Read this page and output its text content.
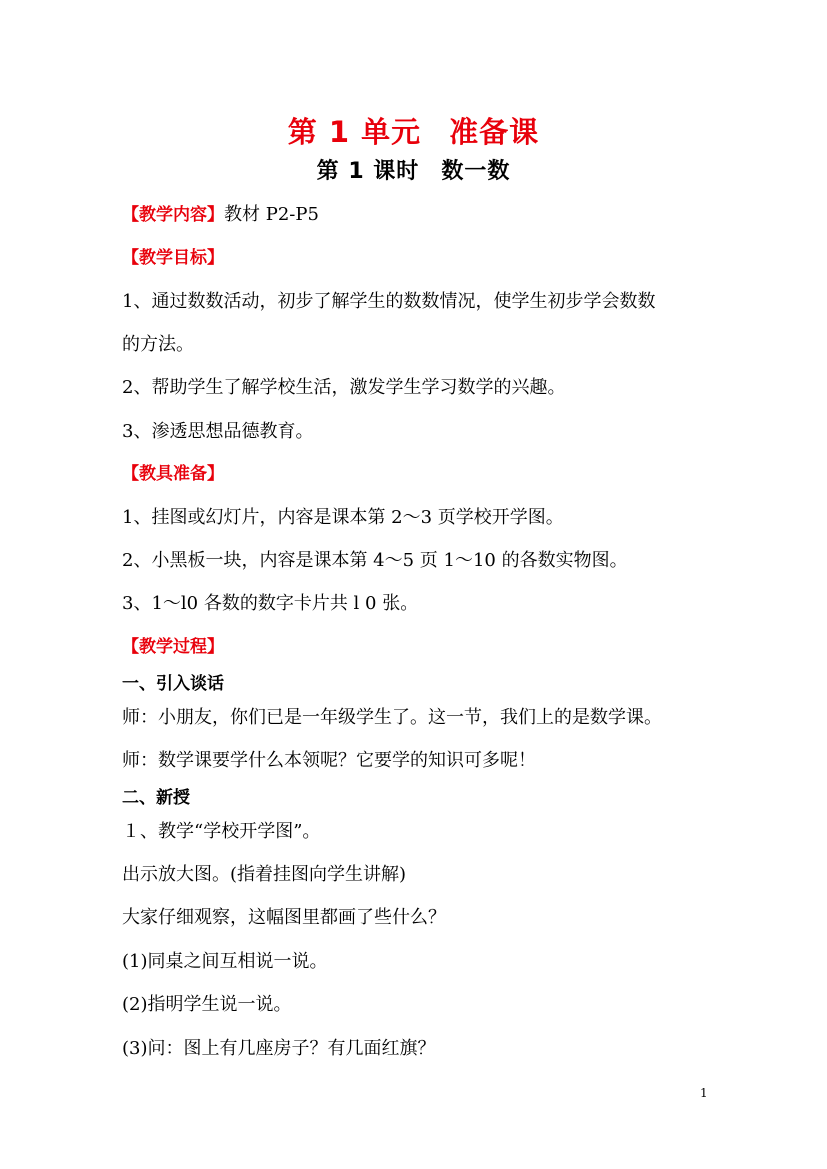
第 1 单元 准备课
第 1 课时 数一数
【教学内容】教材 P2-P5
【教学目标】
1、通过数数活动，初步了解学生的数数情况，使学生初步学会数数
的方法。
2、帮助学生了解学校生活，激发学生学习数学的兴趣。
3、渗透思想品德教育。
【教具准备】
1、挂图或幻灯片，内容是课本第 2～3 页学校开学图。
2、小黑板一块，内容是课本第 4～5 页 1～10 的各数实物图。
3、1～l0 各数的数字卡片共 l 0 张。
【教学过程】
一、引入谈话
师：小朋友，你们已是一年级学生了。这一节，我们上的是数学课。
师：数学课要学什么本领呢？它要学的知识可多呢！
二、新授
１、教学“学校开学图”。
出示放大图。(指着挂图向学生讲解)
大家仔细观察，这幅图里都画了些什么？
(1)同桌之间互相说一说。
(2)指明学生说一说。
(3)问：图上有几座房子？有几面红旗？
1
